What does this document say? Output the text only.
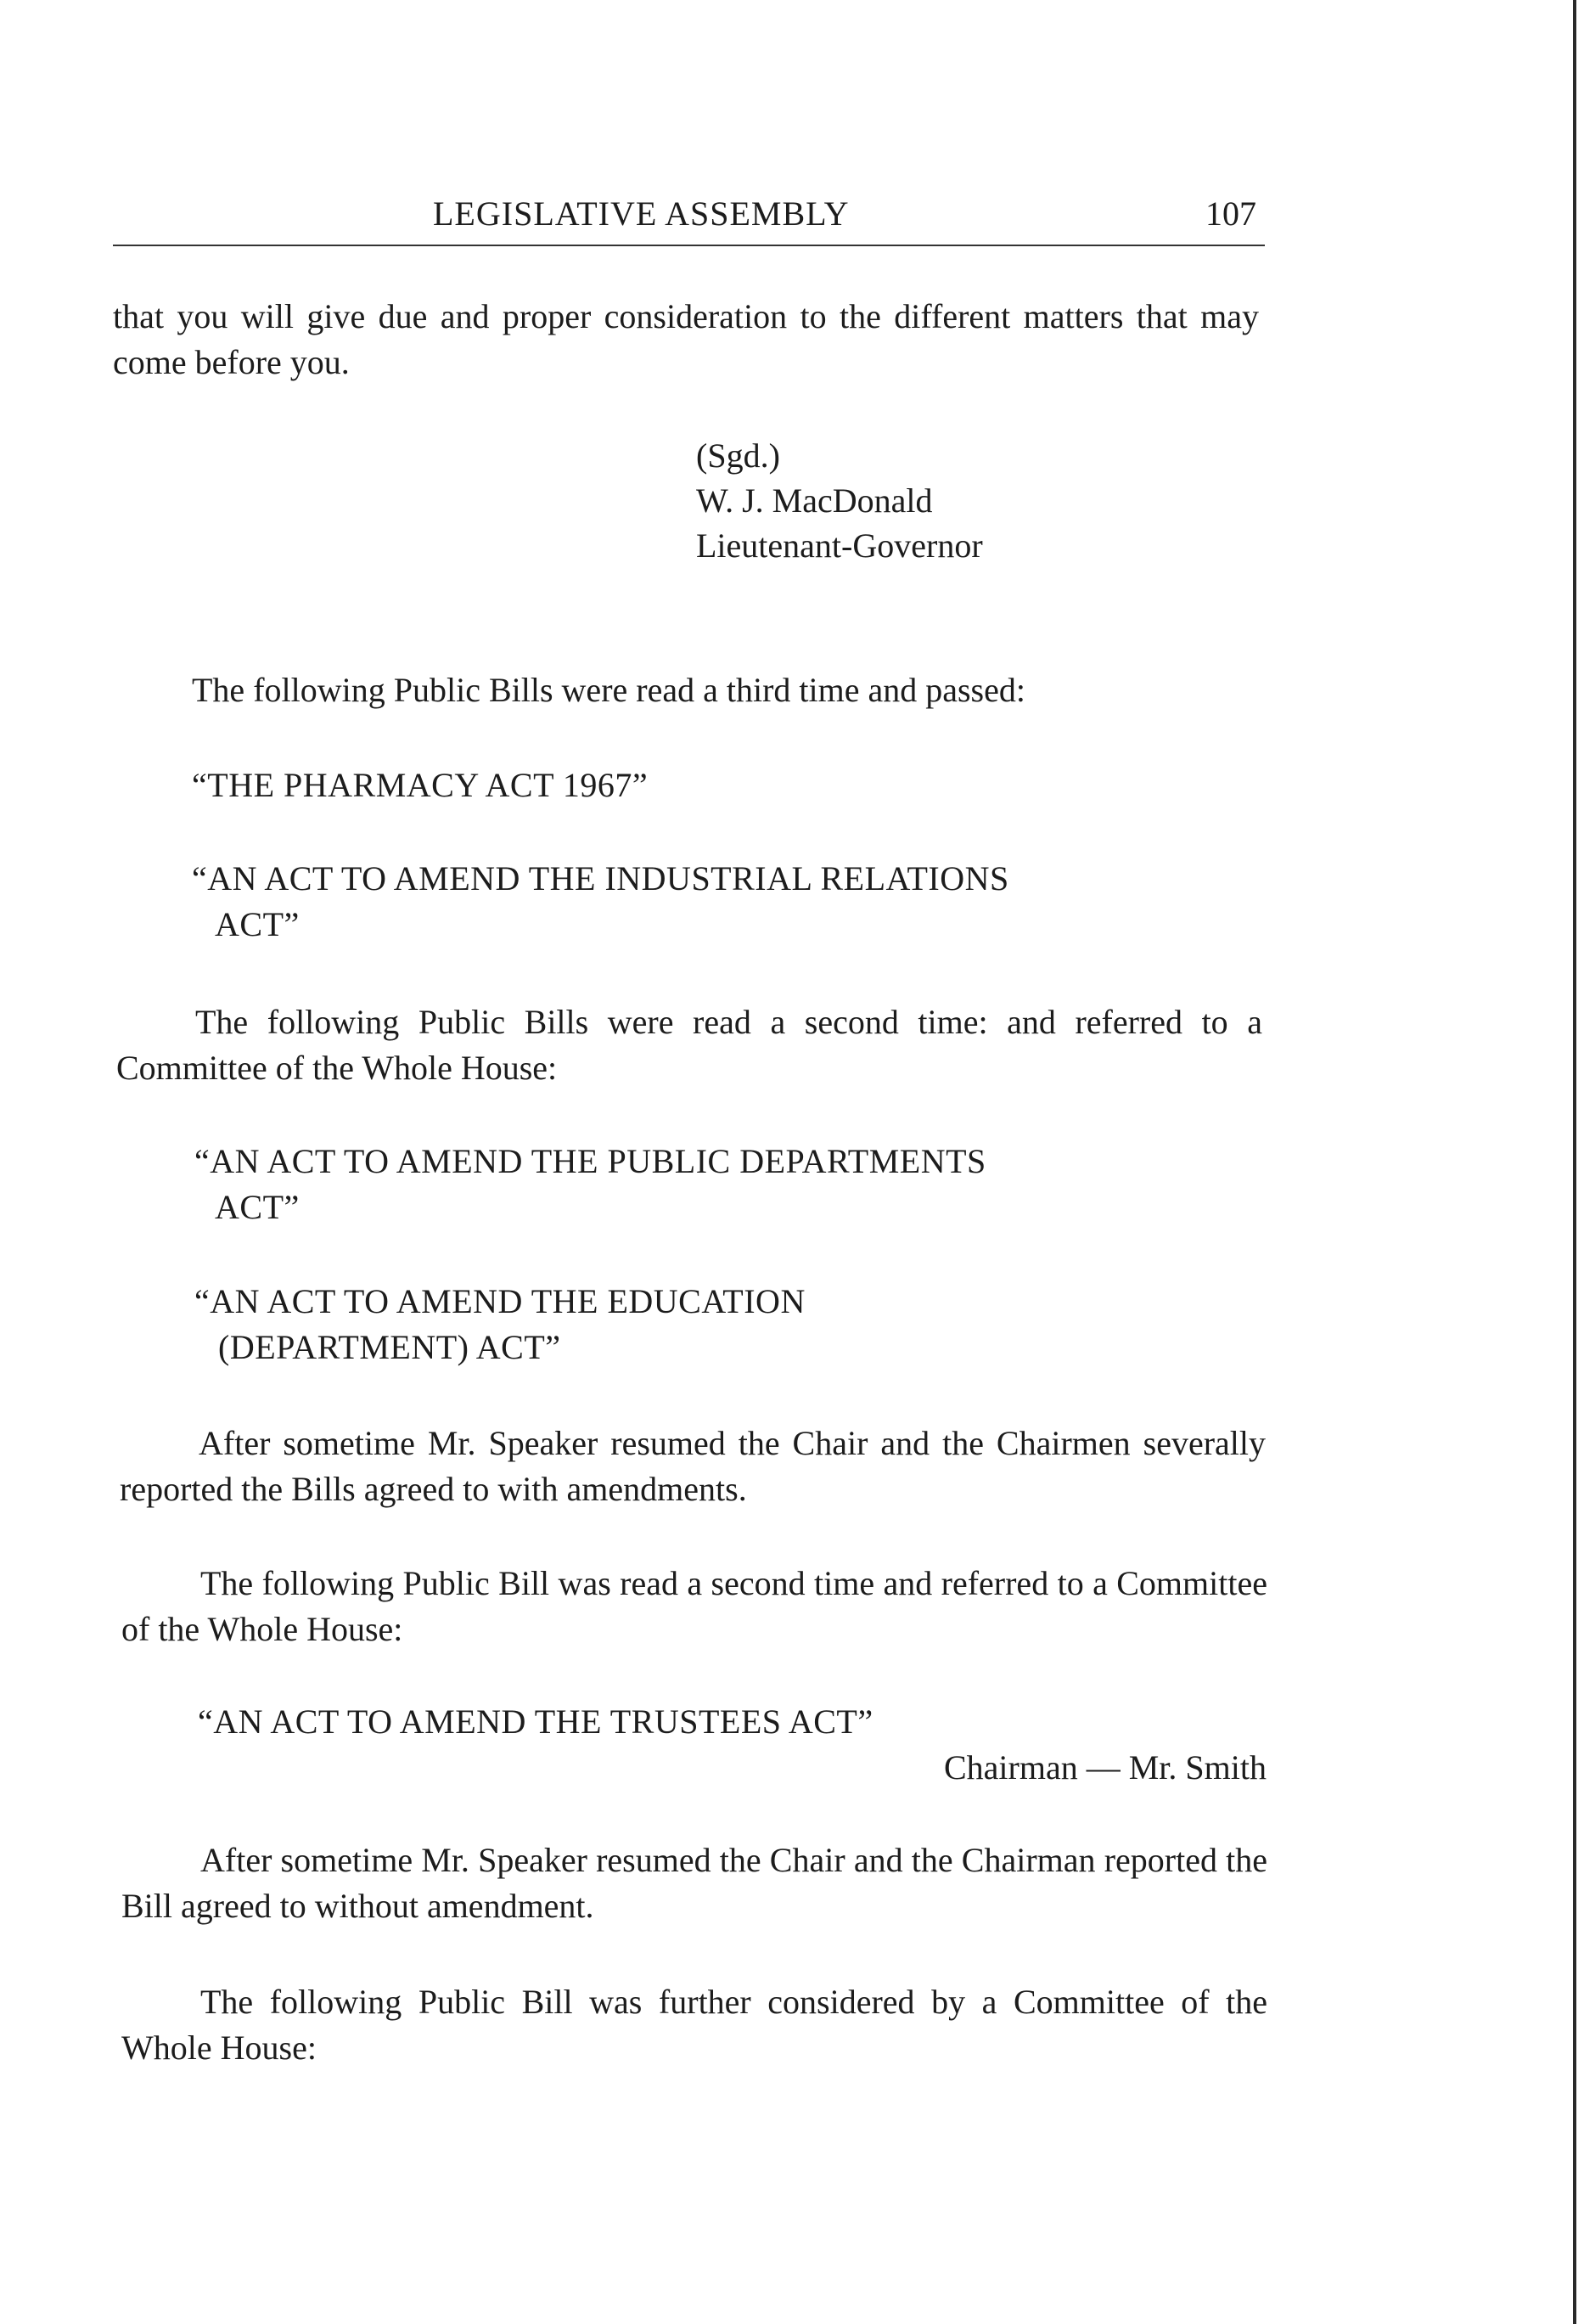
LEGISLATIVE ASSEMBLY	107

that you will give due and proper consideration to the different matters that may come before you.

(Sgd.)
W. J. MacDonald
Lieutenant-Governor

The following Public Bills were read a third time and passed:

“THE PHARMACY ACT 1967”
“AN ACT TO AMEND THE INDUSTRIAL RELATIONS
ACT”

The following Public Bills were read a second time: and referred to a Committee of the Whole House:

“AN ACT TO AMEND THE PUBLIC DEPARTMENTS
ACT”
“AN ACT TO AMEND THE EDUCATION
(DEPARTMENT) ACT”

After sometime Mr. Speaker resumed the Chair and the Chairmen severally reported the Bills agreed to with amendments.

The following Public Bill was read a second time and referred to a Committee of the Whole House:

“AN ACT TO AMEND THE TRUSTEES ACT”
Chairman — Mr. Smith

After sometime Mr. Speaker resumed the Chair and the Chairman reported the Bill agreed to without amendment.

The following Public Bill was further considered by a Committee of the Whole House:
